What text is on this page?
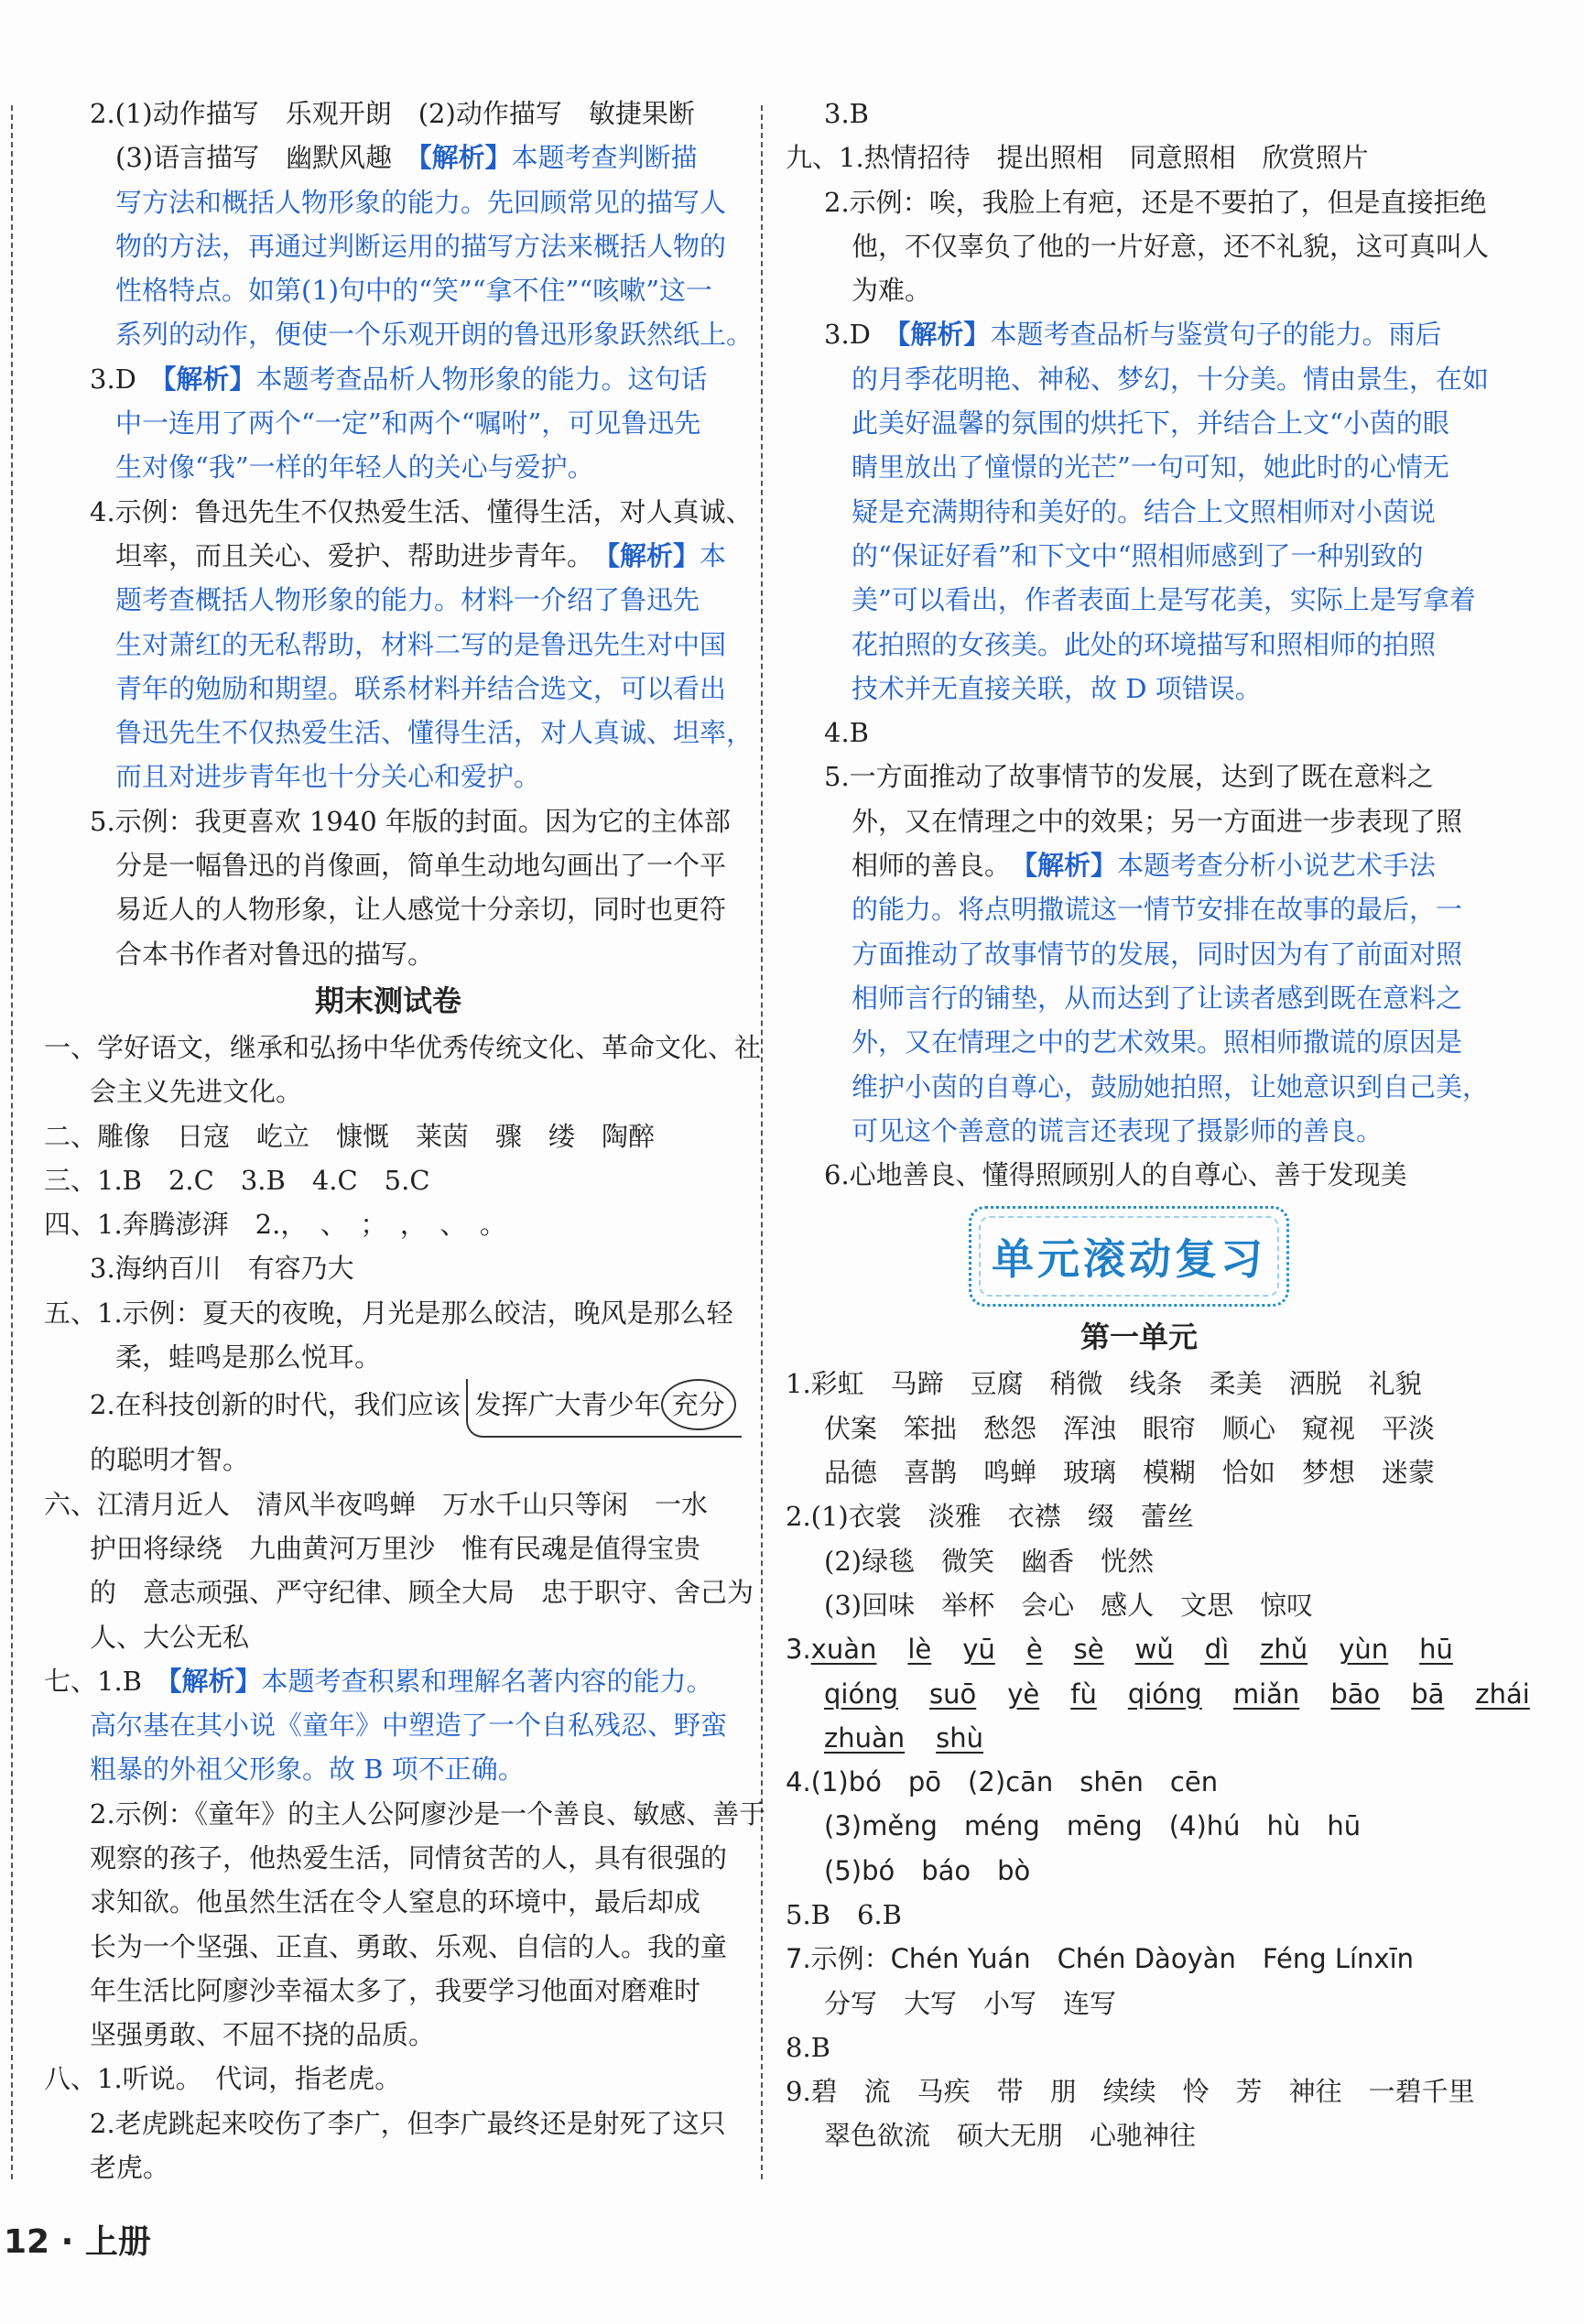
2.(1)动作描写　乐观开朗　(2)动作描写　敏捷果断

(3)语言描写　幽默风趣　【解析】本题考查判断描

写方法和概括人物形象的能力。先回顾常见的描写人

物的方法，再通过判断运用的描写方法来概括人物的

性格特点。如第(1)句中的“笑”“拿不住”“咳嗽”这一

系列的动作，便使一个乐观开朗的鲁迅形象跃然纸上。

3.D　【解析】本题考查品析人物形象的能力。这句话

中一连用了两个“一定”和两个“嘱咐”，可见鲁迅先

生对像“我”一样的年轻人的关心与爱护。

4.示例：鲁迅先生不仅热爱生活、懂得生活，对人真诚、

坦率，而且关心、爱护、帮助进步青年。　【解析】本

题考查概括人物形象的能力。材料一介绍了鲁迅先

生对萧红的无私帮助，材料二写的是鲁迅先生对中国

青年的勉励和期望。联系材料并结合选文，可以看出

鲁迅先生不仅热爱生活、懂得生活，对人真诚、坦率，

而且对进步青年也十分关心和爱护。

5.示例：我更喜欢 1940 年版的封面。因为它的主体部

分是一幅鲁迅的肖像画，简单生动地勾画出了一个平

易近人的人物形象，让人感觉十分亲切，同时也更符

合本书作者对鲁迅的描写。

期末测试卷

一、学好语文，继承和弘扬中华优秀传统文化、革命文化、社

会主义先进文化。

二、雕像　日寇　屹立　慷慨　莱茵　骤　缕　陶醉

三、1.B　2.C　3.B　4.C　5.C

四、1.奔腾澎湃　2.，　、　；　，　、　。

3.海纳百川　有容乃大

五、1.示例：夏天的夜晚，月光是那么皎洁，晚风是那么轻

柔，蛙鸣是那么悦耳。

2.在科技创新的时代，我们应该 发挥广大青少年 充分

的聪明才智。

六、江清月近人　清风半夜鸣蝉　万水千山只等闲　一水

护田将绿绕　九曲黄河万里沙　惟有民魂是值得宝贵

的　意志顽强、严守纪律、顾全大局　忠于职守、舍己为

人、大公无私

七、1.B　【解析】本题考查积累和理解名著内容的能力。

高尔基在其小说《童年》中塑造了一个自私残忍、野蛮

粗暴的外祖父形象。故 B 项不正确。

2.示例：《童年》的主人公阿廖沙是一个善良、敏感、善于

观察的孩子，他热爱生活，同情贫苦的人，具有很强的

求知欲。他虽然生活在令人窒息的环境中，最后却成

长为一个坚强、正直、勇敢、乐观、自信的人。我的童

年生活比阿廖沙幸福太多了，我要学习他面对磨难时

坚强勇敢、不屈不挠的品质。

八、1.听说。　代词，指老虎。

2.老虎跳起来咬伤了李广，但李广最终还是射死了这只

老虎。

3.B

九、1.热情招待　提出照相　同意照相　欣赏照片

2.示例：唉，我脸上有疤，还是不要拍了，但是直接拒绝

他，不仅辜负了他的一片好意，还不礼貌，这可真叫人

为难。

3.D　【解析】本题考查品析与鉴赏句子的能力。雨后

的月季花明艳、神秘、梦幻，十分美。情由景生，在如

此美好温馨的氛围的烘托下，并结合上文“小茵的眼

睛里放出了憧憬的光芒”一句可知，她此时的心情无

疑是充满期待和美好的。结合上文照相师对小茵说

的“保证好看”和下文中“照相师感到了一种别致的

美”可以看出，作者表面上是写花美，实际上是写拿着

花拍照的女孩美。此处的环境描写和照相师的拍照

技术并无直接关联，故 D 项错误。

4.B

5.一方面推动了故事情节的发展，达到了既在意料之

外，又在情理之中的效果；另一方面进一步表现了照

相师的善良。　【解析】本题考查分析小说艺术手法

的能力。将点明撒谎这一情节安排在故事的最后，一

方面推动了故事情节的发展，同时因为有了前面对照

相师言行的铺垫，从而达到了让读者感到既在意料之

外，又在情理之中的艺术效果。照相师撒谎的原因是

维护小茵的自尊心，鼓励她拍照，让她意识到自己美，

可见这个善意的谎言还表现了摄影师的善良。

6.心地善良、懂得照顾别人的自尊心、善于发现美

单元滚动复习
第一单元

1.彩虹　马蹄　豆腐　稍微　线条　柔美　洒脱　礼貌

伏案　笨拙　愁怨　浑浊　眼帘　顺心　窥视　平淡

品德　喜鹊　鸣蝉　玻璃　模糊　恰如　梦想　迷蒙

2.(1)衣裳　淡雅　衣襟　缀　蕾丝

(2)绿毯　微笑　幽香　恍然

(3)回味　举杯　会心　感人　文思　惊叹

3.xuàn lè yū è sè wǔ dì zhǔ yùn hū

qióng suō yè fù qióng miǎn bāo bā zhái

zhuàn shù

4.(1)bó　pō　(2)cān　shēn　cēn

(3)měng　méng　mēng　(4)hú　hù　hū

(5)bó　báo　bò

5.B　6.B

7.示例：Chén Yuán　Chén Dàoyàn　Féng Línxīn

分写　大写　小写　连写

8.B

9.碧　流　马疾　带　朋　续续　怜　芳　神往　一碧千里

翠色欲流　硕大无朋　心驰神往

12 · 上册
